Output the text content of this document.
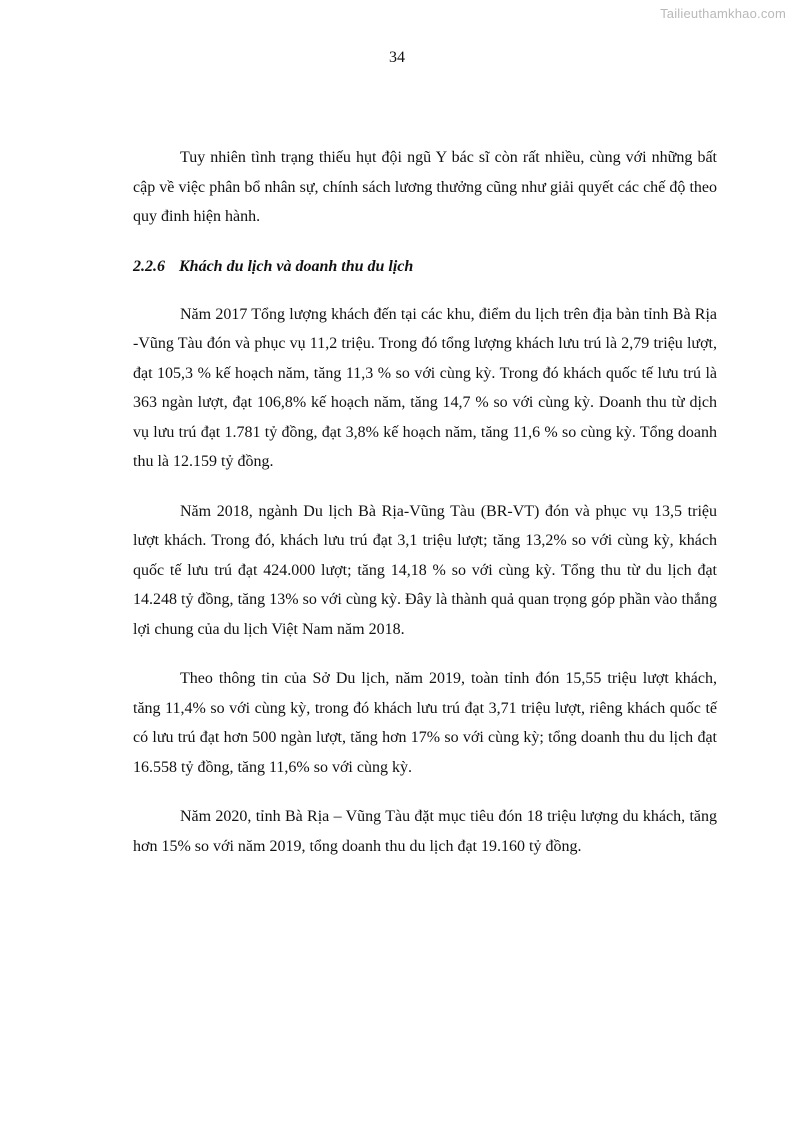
Tailieuthamkhao.com
34

Tuy nhiên tình trạng thiếu hụt đội ngũ Y bác sĩ còn rất nhiều, cùng với những bất cập về việc phân bổ nhân sự, chính sách lương thưởng cũng như giải quyết các chế độ theo quy đinh hiện hành.

2.2.6 Khách du lịch và doanh thu du lịch

Năm 2017 Tổng lượng khách đến tại các khu, điểm du lịch trên địa bàn tỉnh Bà Rịa -Vũng Tàu đón và phục vụ 11,2 triệu. Trong đó tổng lượng khách lưu trú là 2,79 triệu lượt, đạt 105,3 % kế hoạch năm, tăng 11,3 % so với cùng kỳ. Trong đó khách quốc tế lưu trú là 363 ngàn lượt, đạt 106,8% kế hoạch năm, tăng 14,7 % so với cùng kỳ. Doanh thu từ dịch vụ lưu trú đạt 1.781 tỷ đồng, đạt 3,8% kế hoạch năm, tăng 11,6 % so cùng kỳ. Tổng doanh thu là 12.159 tỷ đồng.

Năm 2018, ngành Du lịch Bà Rịa-Vũng Tàu (BR-VT) đón và phục vụ 13,5 triệu lượt khách. Trong đó, khách lưu trú đạt 3,1 triệu lượt; tăng 13,2% so với cùng kỳ, khách quốc tế lưu trú đạt 424.000 lượt; tăng 14,18 % so với cùng kỳ. Tổng thu từ du lịch đạt 14.248 tỷ đồng, tăng 13% so với cùng kỳ. Đây là thành quả quan trọng góp phần vào thắng lợi chung của du lịch Việt Nam năm 2018.

Theo thông tin của Sở Du lịch, năm 2019, toàn tỉnh đón 15,55 triệu lượt khách, tăng 11,4% so với cùng kỳ, trong đó khách lưu trú đạt 3,71 triệu lượt, riêng khách quốc tế có lưu trú đạt hơn 500 ngàn lượt, tăng hơn 17% so với cùng kỳ; tổng doanh thu du lịch đạt 16.558 tỷ đồng, tăng 11,6% so với cùng kỳ.

Năm 2020, tỉnh Bà Rịa – Vũng Tàu đặt mục tiêu đón 18 triệu lượng du khách, tăng hơn 15% so với năm 2019, tổng doanh thu du lịch đạt 19.160 tỷ đồng.
